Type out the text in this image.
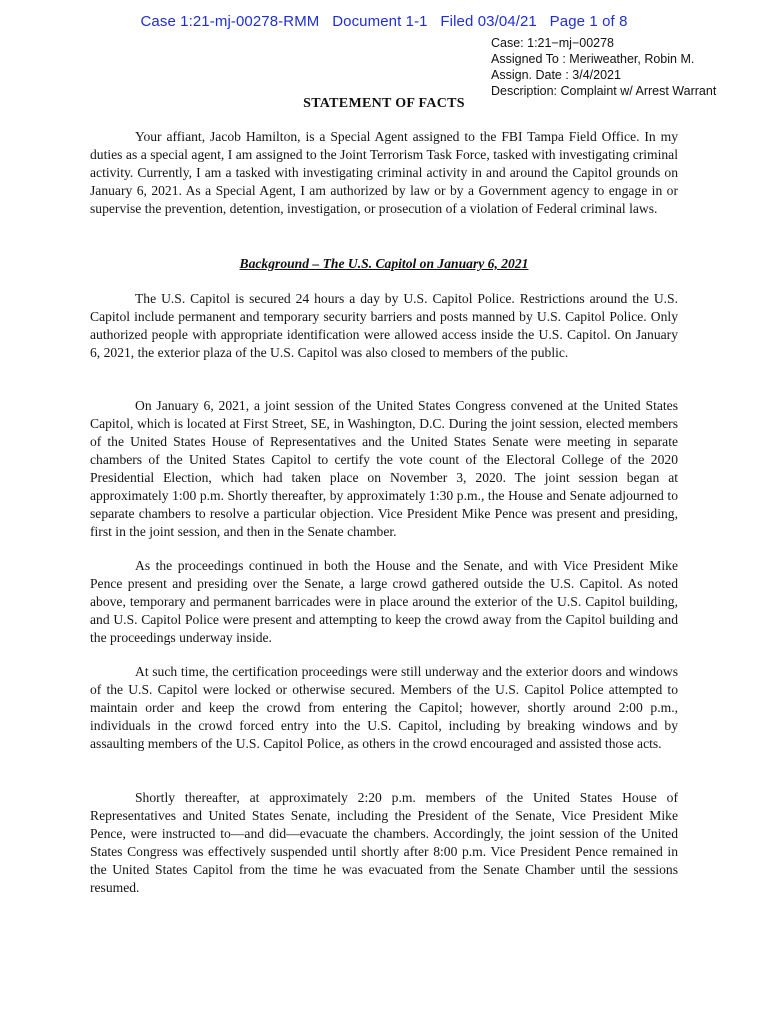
Case 1:21-mj-00278-RMM   Document 1-1   Filed 03/04/21   Page 1 of 8
Case: 1:21−mj−00278
Assigned To : Meriweather, Robin M.
Assign. Date : 3/4/2021
Description: Complaint w/ Arrest Warrant
STATEMENT OF FACTS

Your affiant, Jacob Hamilton, is a Special Agent assigned to the FBI Tampa Field Office. In my duties as a special agent, I am assigned to the Joint Terrorism Task Force, tasked with investigating criminal activity. Currently, I am a tasked with investigating criminal activity in and around the Capitol grounds on January 6, 2021. As a Special Agent, I am authorized by law or by a Government agency to engage in or supervise the prevention, detention, investigation, or prosecution of a violation of Federal criminal laws.

Background – The U.S. Capitol on January 6, 2021

The U.S. Capitol is secured 24 hours a day by U.S. Capitol Police. Restrictions around the U.S. Capitol include permanent and temporary security barriers and posts manned by U.S. Capitol Police. Only authorized people with appropriate identification were allowed access inside the U.S. Capitol. On January 6, 2021, the exterior plaza of the U.S. Capitol was also closed to members of the public.

On January 6, 2021, a joint session of the United States Congress convened at the United States Capitol, which is located at First Street, SE, in Washington, D.C. During the joint session, elected members of the United States House of Representatives and the United States Senate were meeting in separate chambers of the United States Capitol to certify the vote count of the Electoral College of the 2020 Presidential Election, which had taken place on November 3, 2020. The joint session began at approximately 1:00 p.m. Shortly thereafter, by approximately 1:30 p.m., the House and Senate adjourned to separate chambers to resolve a particular objection. Vice President Mike Pence was present and presiding, first in the joint session, and then in the Senate chamber.

As the proceedings continued in both the House and the Senate, and with Vice President Mike Pence present and presiding over the Senate, a large crowd gathered outside the U.S. Capitol. As noted above, temporary and permanent barricades were in place around the exterior of the U.S. Capitol building, and U.S. Capitol Police were present and attempting to keep the crowd away from the Capitol building and the proceedings underway inside.

At such time, the certification proceedings were still underway and the exterior doors and windows of the U.S. Capitol were locked or otherwise secured. Members of the U.S. Capitol Police attempted to maintain order and keep the crowd from entering the Capitol; however, shortly around 2:00 p.m., individuals in the crowd forced entry into the U.S. Capitol, including by breaking windows and by assaulting members of the U.S. Capitol Police, as others in the crowd encouraged and assisted those acts.

Shortly thereafter, at approximately 2:20 p.m. members of the United States House of Representatives and United States Senate, including the President of the Senate, Vice President Mike Pence, were instructed to—and did—evacuate the chambers. Accordingly, the joint session of the United States Congress was effectively suspended until shortly after 8:00 p.m. Vice President Pence remained in the United States Capitol from the time he was evacuated from the Senate Chamber until the sessions resumed.
